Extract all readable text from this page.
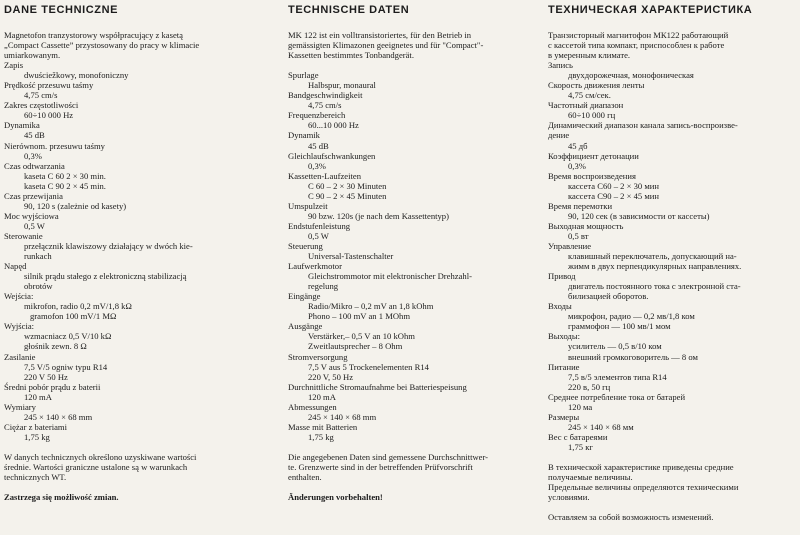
DANE TECHNICZNE
Magnetofon tranzystorowy współpracujący z kasetą
„Compact Cassette” przystosowany do pracy w klimacie
umiarkowanym.
Zapis
dwuściežkowy, monofoniczny
Prędkość przesuwu taśmy
4,75 cm/s
Zakres częstotliwości
60÷10 000 Hz
Dynamika
45 dB
Nierównom. przesuwu taśmy
0,3%
Czas odtwarzania
kaseta C 60 2 × 30 min.
kaseta C 90 2 × 45 min.
Czas przewijania
90, 120 s (zależnie od kasety)
Moc wyjściowa
0,5 W
Sterowanie
przełącznik klawiszowy działający w dwóch kie-
runkach
Napęd
silnik prądu stałego z elektroniczną stabilizacją
obrotów
Wejścia:
mikrofon, radio 0,2 mV/1,8 kΩ
gramofon 100 mV/1 MΩ
Wyjścia:
wzmacniacz 0,5 V/10 kΩ
głośnik zewn. 8 Ω
Zasilanie
7,5 V/5 ogniw typu R14
220 V 50 Hz
Średni pobór prądu z baterii
120 mA
Wymiary
245 × 140 × 68 mm
Ciężar z bateriami
1,75 kg
W danych technicznych określono uzyskiwane wartości
średnie. Wartości graniczne ustalone są w warunkach
technicznych WT.
Zastrzega się możliwość zmian.
TECHNISCHE DATEN
MK 122 ist ein volltransistoriertes, für den Betrieb in
gemässigten Klimazonen geeignetes und für "Compact"-
Kassetten bestimmtes Tonbandgerät.
Spurlage
Halbspur, monaural
Bandgeschwindigkeit
4,75 cm/s
Frequenzbereich
60...10 000 Hz
Dynamik
45 dB
Gleichlaufschwankungen
0,3%
Kassetten-Laufzeiten
C 60 – 2 × 30 Minuten
C 90 – 2 × 45 Minuten
Umspulzeit
90 bzw. 120s (je nach dem Kassettentyp)
Endstufenleistung
0,5 W
Steuerung
Universal-Tastenschalter
Laufwerkmotor
Gleichstrommotor mit elektronischer Drehzahl-
regelung
Eingänge
Radio/Mikro – 0,2 mV an 1,8 kOhm
Phono – 100 mV an 1 MOhm
Ausgänge
Verstärker,– 0,5 V an 10 kOhm
Zweitlautsprecher – 8 Ohm
Stromversorgung
7,5 V aus 5 Trockenelementen R14
220 V, 50 Hz
Durchnittliche Stromaufnahme bei Batteriespeisung
120 mA
Abmessungen
245 × 140 × 68 mm
Masse mit Batterien
1,75 kg
Die angegebenen Daten sind gemessene Durchschnittwer-
te. Grenzwerte sind in der betreffenden Prüfvorschrift
enthalten.
Änderungen vorbehalten!
ТЕХНИЧЕСКАЯ ХАРАКТЕРИСТИКА
Транзисторный магнитофон МК122 работающий
с кассетой типа компакт, приспособлен к работе
в умеренным климате.
Запись
двухдорожечная, монофоническая
Скорость движения ленты
4,75 см/сек.
Частотный диапазон
60÷10 000 гц
Динамический диапазон канала запись-воспроизве-
дение
45 дб
Коэффициент детонации
0,3%
Время воспроизведения
кассета С60 – 2 × 30 мин
кассета С90 – 2 × 45 мин
Время перемотки
90, 120 сек (в зависимости от кассеты)
Выходная мощность
0,5 вт
Управление
клавишный переключатель, допускающий на-
жимм в двух перпендикулярных направлениях.
Привод
двигатель постоянного тока с электронной ста-
билизацией оборотов.
Входы
микрофон, радио — 0,2 мв/1,8 ком
граммофон — 100 мв/1 мом
Выходы:
усилитель — 0,5 в/10 ком
внешний громкоговоритель — 8 ом
Питание
7,5 в/5 элементов типа R14
220 в, 50 гц
Среднее потребление тока от батарей
120 ма
Размеры
245 × 140 × 68 мм
Вес с батареями
1,75 кг
В технической характеристике приведены средние
получаемые величины.
Предельные величины определяются техническими
условиями.
Оставляем за собой возможность изменений.
